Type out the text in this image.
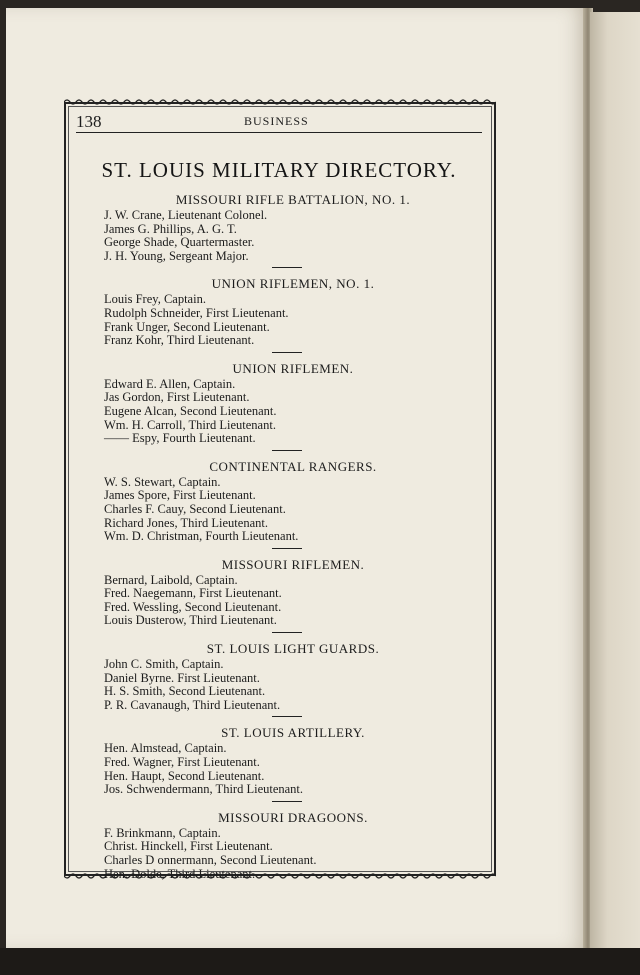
138	BUSINESS
ST. LOUIS MILITARY DIRECTORY.
MISSOURI RIFLE BATTALION, NO. 1.
J. W. Crane, Lieutenant Colonel.
James G. Phillips, A. G. T.
George Shade, Quartermaster.
J. H. Young, Sergeant Major.
UNION RIFLEMEN, NO. 1.
Louis Frey, Captain.
Rudolph Schneider, First Lieutenant.
Frank Unger, Second Lieutenant.
Franz Kohr, Third Lieutenant.
UNION RIFLEMEN.
Edward E. Allen, Captain.
Jas Gordon, First Lieutenant.
Eugene Alcan, Second Lieutenant.
Wm. H. Carroll, Third Lieutenant.
—— Espy, Fourth Lieutenant.
CONTINENTAL RANGERS.
W. S. Stewart, Captain.
James Spore, First Lieutenant.
Charles F. Cauy, Second Lieutenant.
Richard Jones, Third Lieutenant.
Wm. D. Christman, Fourth Lieutenant.
MISSOURI RIFLEMEN.
Bernard, Laibold, Captain.
Fred. Naegemann, First Lieutenant.
Fred. Wessling, Second Lieutenant.
Louis Dusterow, Third Lieutenant.
ST. LOUIS LIGHT GUARDS.
John C. Smith, Captain.
Daniel Byrne. First Lieutenant.
H. S. Smith, Second Lieutenant.
P. R. Cavanaugh, Third Lieutenant.
ST. LOUIS ARTILLERY.
Hen. Almstead, Captain.
Fred. Wagner, First Lieutenant.
Hen. Haupt, Second Lieutenant.
Jos. Schwendermann, Third Lieutenant.
MISSOURI DRAGOONS.
F. Brinkmann, Captain.
Christ. Hinckell, First Lieutenant.
Charles D onnermann, Second Lieutenant.
Hen. Dolde, Third Lieutenant.
